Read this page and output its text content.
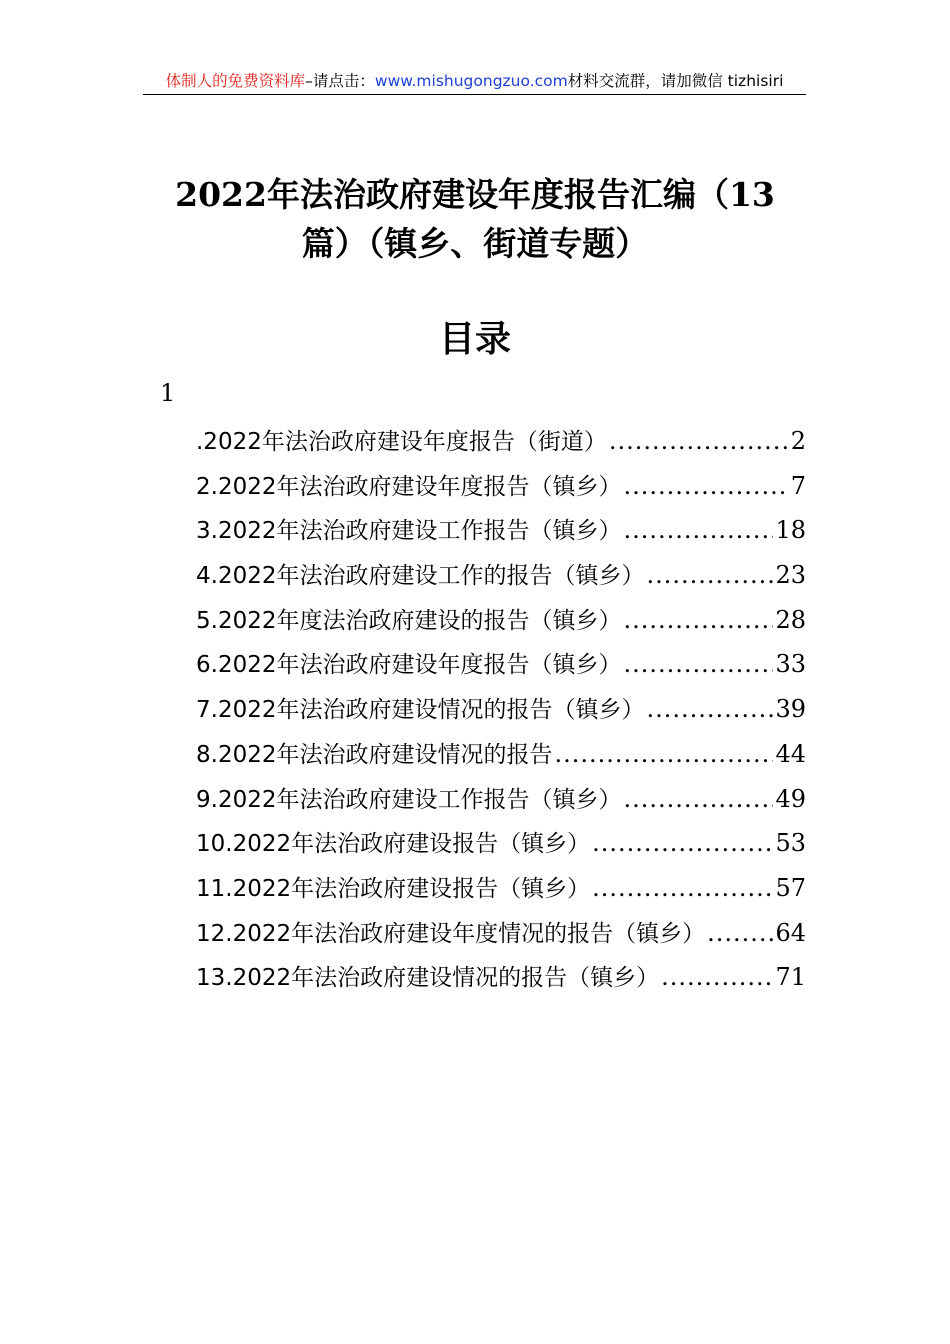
体制人的免费资料库–请点击：www.mishugongzuo.com材料交流群，请加微信 tizhisiri
2022年法治政府建设年度报告汇编（13
篇）（镇乡、街道专题）
目录
1
.2022年法治政府建设年度报告（街道） .....	2
2.2022年法治政府建设年度报告（镇乡） .....	7
3.2022年法治政府建设工作报告（镇乡） .....	18
4.2022年法治政府建设工作的报告（镇乡） .....	23
5.2022年度法治政府建设的报告（镇乡） .....	28
6.2022年法治政府建设年度报告（镇乡） .....	33
7.2022年法治政府建设情况的报告（镇乡） .....	39
8.2022年法治政府建设情况的报告 .....	44
9.2022年法治政府建设工作报告（镇乡） .....	49
10.2022年法治政府建设报告（镇乡） .....	53
11.2022年法治政府建设报告（镇乡） .....	57
12.2022年法治政府建设年度情况的报告（镇乡） .....	64
13.2022年法治政府建设情况的报告（镇乡） .....	71
